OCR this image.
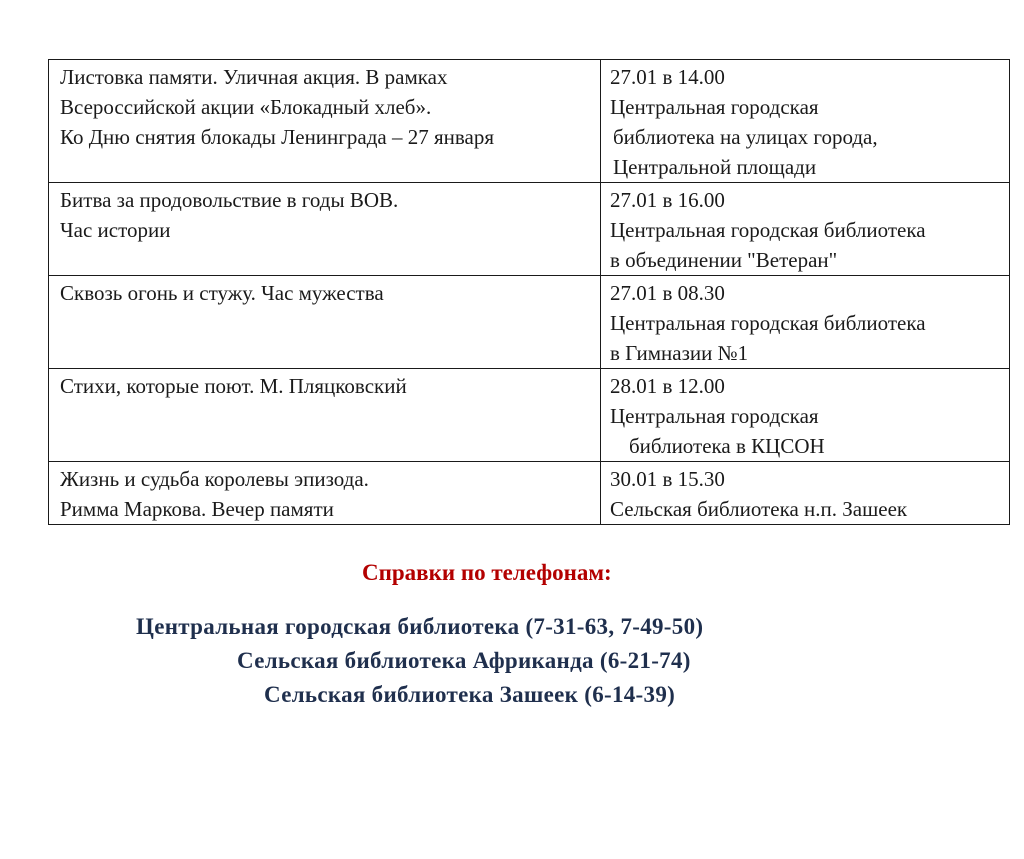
Листовка памяти. Уличная акция. В рамках
Всероссийской акции «Блокадный хлеб».
Ко Дню снятия блокады Ленинграда – 27 января	27.01 в 14.00
Центральная городская
библиотека на улицах города,
Центральной площади

Битва за продовольствие в годы ВОВ.
Час истории	27.01 в 16.00
Центральная городская библиотека
в объединении "Ветеран"

Сквозь огонь и стужу. Час мужества	27.01 в 08.30
Центральная городская библиотека
в Гимназии №1

Стихи, которые поют. М. Пляцковский	28.01 в 12.00
Центральная городская
библиотека в КЦСОН

Жизнь и судьба королевы эпизода.
Римма Маркова. Вечер памяти	30.01 в 15.30
Сельская библиотека н.п. Зашеек

Справки по телефонам:

Центральная городская библиотека (7-31-63, 7-49-50)

Сельская библиотека Африканда (6-21-74)

Сельская библиотека Зашеек (6-14-39)
